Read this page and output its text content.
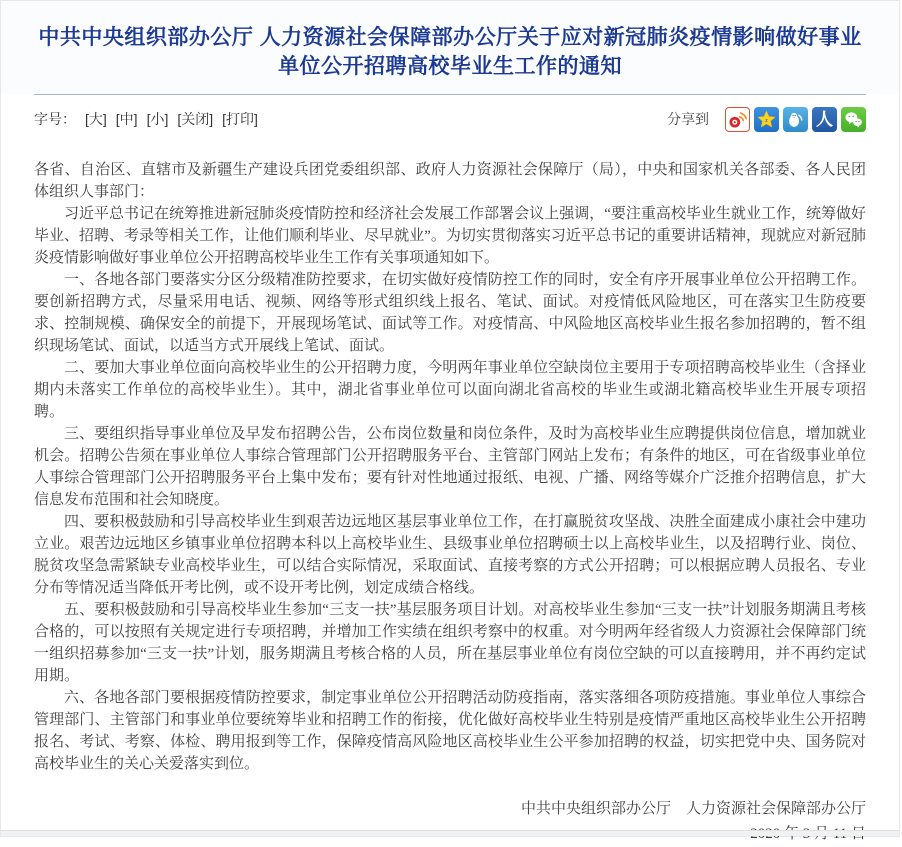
中共中央组织部办公厅 人力资源社会保障部办公厅关于应对新冠肺炎疫情影响做好事业单位公开招聘高校毕业生工作的通知
字号： [大] [中] [小] [关闭] [打印]	分享到	z	人

各省、自治区、直辖市及新疆生产建设兵团党委组织部、政府人力资源社会保障厅（局），中央和国家机关各部委、各人民团体组织人事部门：

习近平总书记在统筹推进新冠肺炎疫情防控和经济社会发展工作部署会议上强调，“要注重高校毕业生就业工作，统筹做好毕业、招聘、考录等相关工作，让他们顺利毕业、尽早就业”。为切实贯彻落实习近平总书记的重要讲话精神，现就应对新冠肺炎疫情影响做好事业单位公开招聘高校毕业生工作有关事项通知如下。

一、各地各部门要落实分区分级精准防控要求，在切实做好疫情防控工作的同时，安全有序开展事业单位公开招聘工作。要创新招聘方式，尽量采用电话、视频、网络等形式组织线上报名、笔试、面试。对疫情低风险地区，可在落实卫生防疫要求、控制规模、确保安全的前提下，开展现场笔试、面试等工作。对疫情高、中风险地区高校毕业生报名参加招聘的，暂不组织现场笔试、面试，以适当方式开展线上笔试、面试。

二、要加大事业单位面向高校毕业生的公开招聘力度，今明两年事业单位空缺岗位主要用于专项招聘高校毕业生（含择业期内未落实工作单位的高校毕业生）。其中，湖北省事业单位可以面向湖北省高校的毕业生或湖北籍高校毕业生开展专项招聘。

三、要组织指导事业单位及早发布招聘公告，公布岗位数量和岗位条件，及时为高校毕业生应聘提供岗位信息，增加就业机会。招聘公告须在事业单位人事综合管理部门公开招聘服务平台、主管部门网站上发布；有条件的地区，可在省级事业单位人事综合管理部门公开招聘服务平台上集中发布；要有针对性地通过报纸、电视、广播、网络等媒介广泛推介招聘信息，扩大信息发布范围和社会知晓度。

四、要积极鼓励和引导高校毕业生到艰苦边远地区基层事业单位工作，在打赢脱贫攻坚战、决胜全面建成小康社会中建功立业。艰苦边远地区乡镇事业单位招聘本科以上高校毕业生、县级事业单位招聘硕士以上高校毕业生，以及招聘行业、岗位、脱贫攻坚急需紧缺专业高校毕业生，可以结合实际情况，采取面试、直接考察的方式公开招聘；可以根据应聘人员报名、专业分布等情况适当降低开考比例，或不设开考比例，划定成绩合格线。

五、要积极鼓励和引导高校毕业生参加“三支一扶”基层服务项目计划。对高校毕业生参加“三支一扶”计划服务期满且考核合格的，可以按照有关规定进行专项招聘，并增加工作实绩在组织考察中的权重。对今明两年经省级人力资源社会保障部门统一组织招募参加“三支一扶”计划，服务期满且考核合格的人员，所在基层事业单位有岗位空缺的可以直接聘用，并不再约定试用期。

六、各地各部门要根据疫情防控要求，制定事业单位公开招聘活动防疫指南，落实落细各项防疫措施。事业单位人事综合管理部门、主管部门和事业单位要统筹毕业和招聘工作的衔接，优化做好高校毕业生特别是疫情严重地区高校毕业生公开招聘报名、考试、考察、体检、聘用报到等工作，保障疫情高风险地区高校毕业生公平参加招聘的权益，切实把党中央、国务院对高校毕业生的关心关爱落实到位。

中共中央组织部办公厅　人力资源社会保障部办公厅
